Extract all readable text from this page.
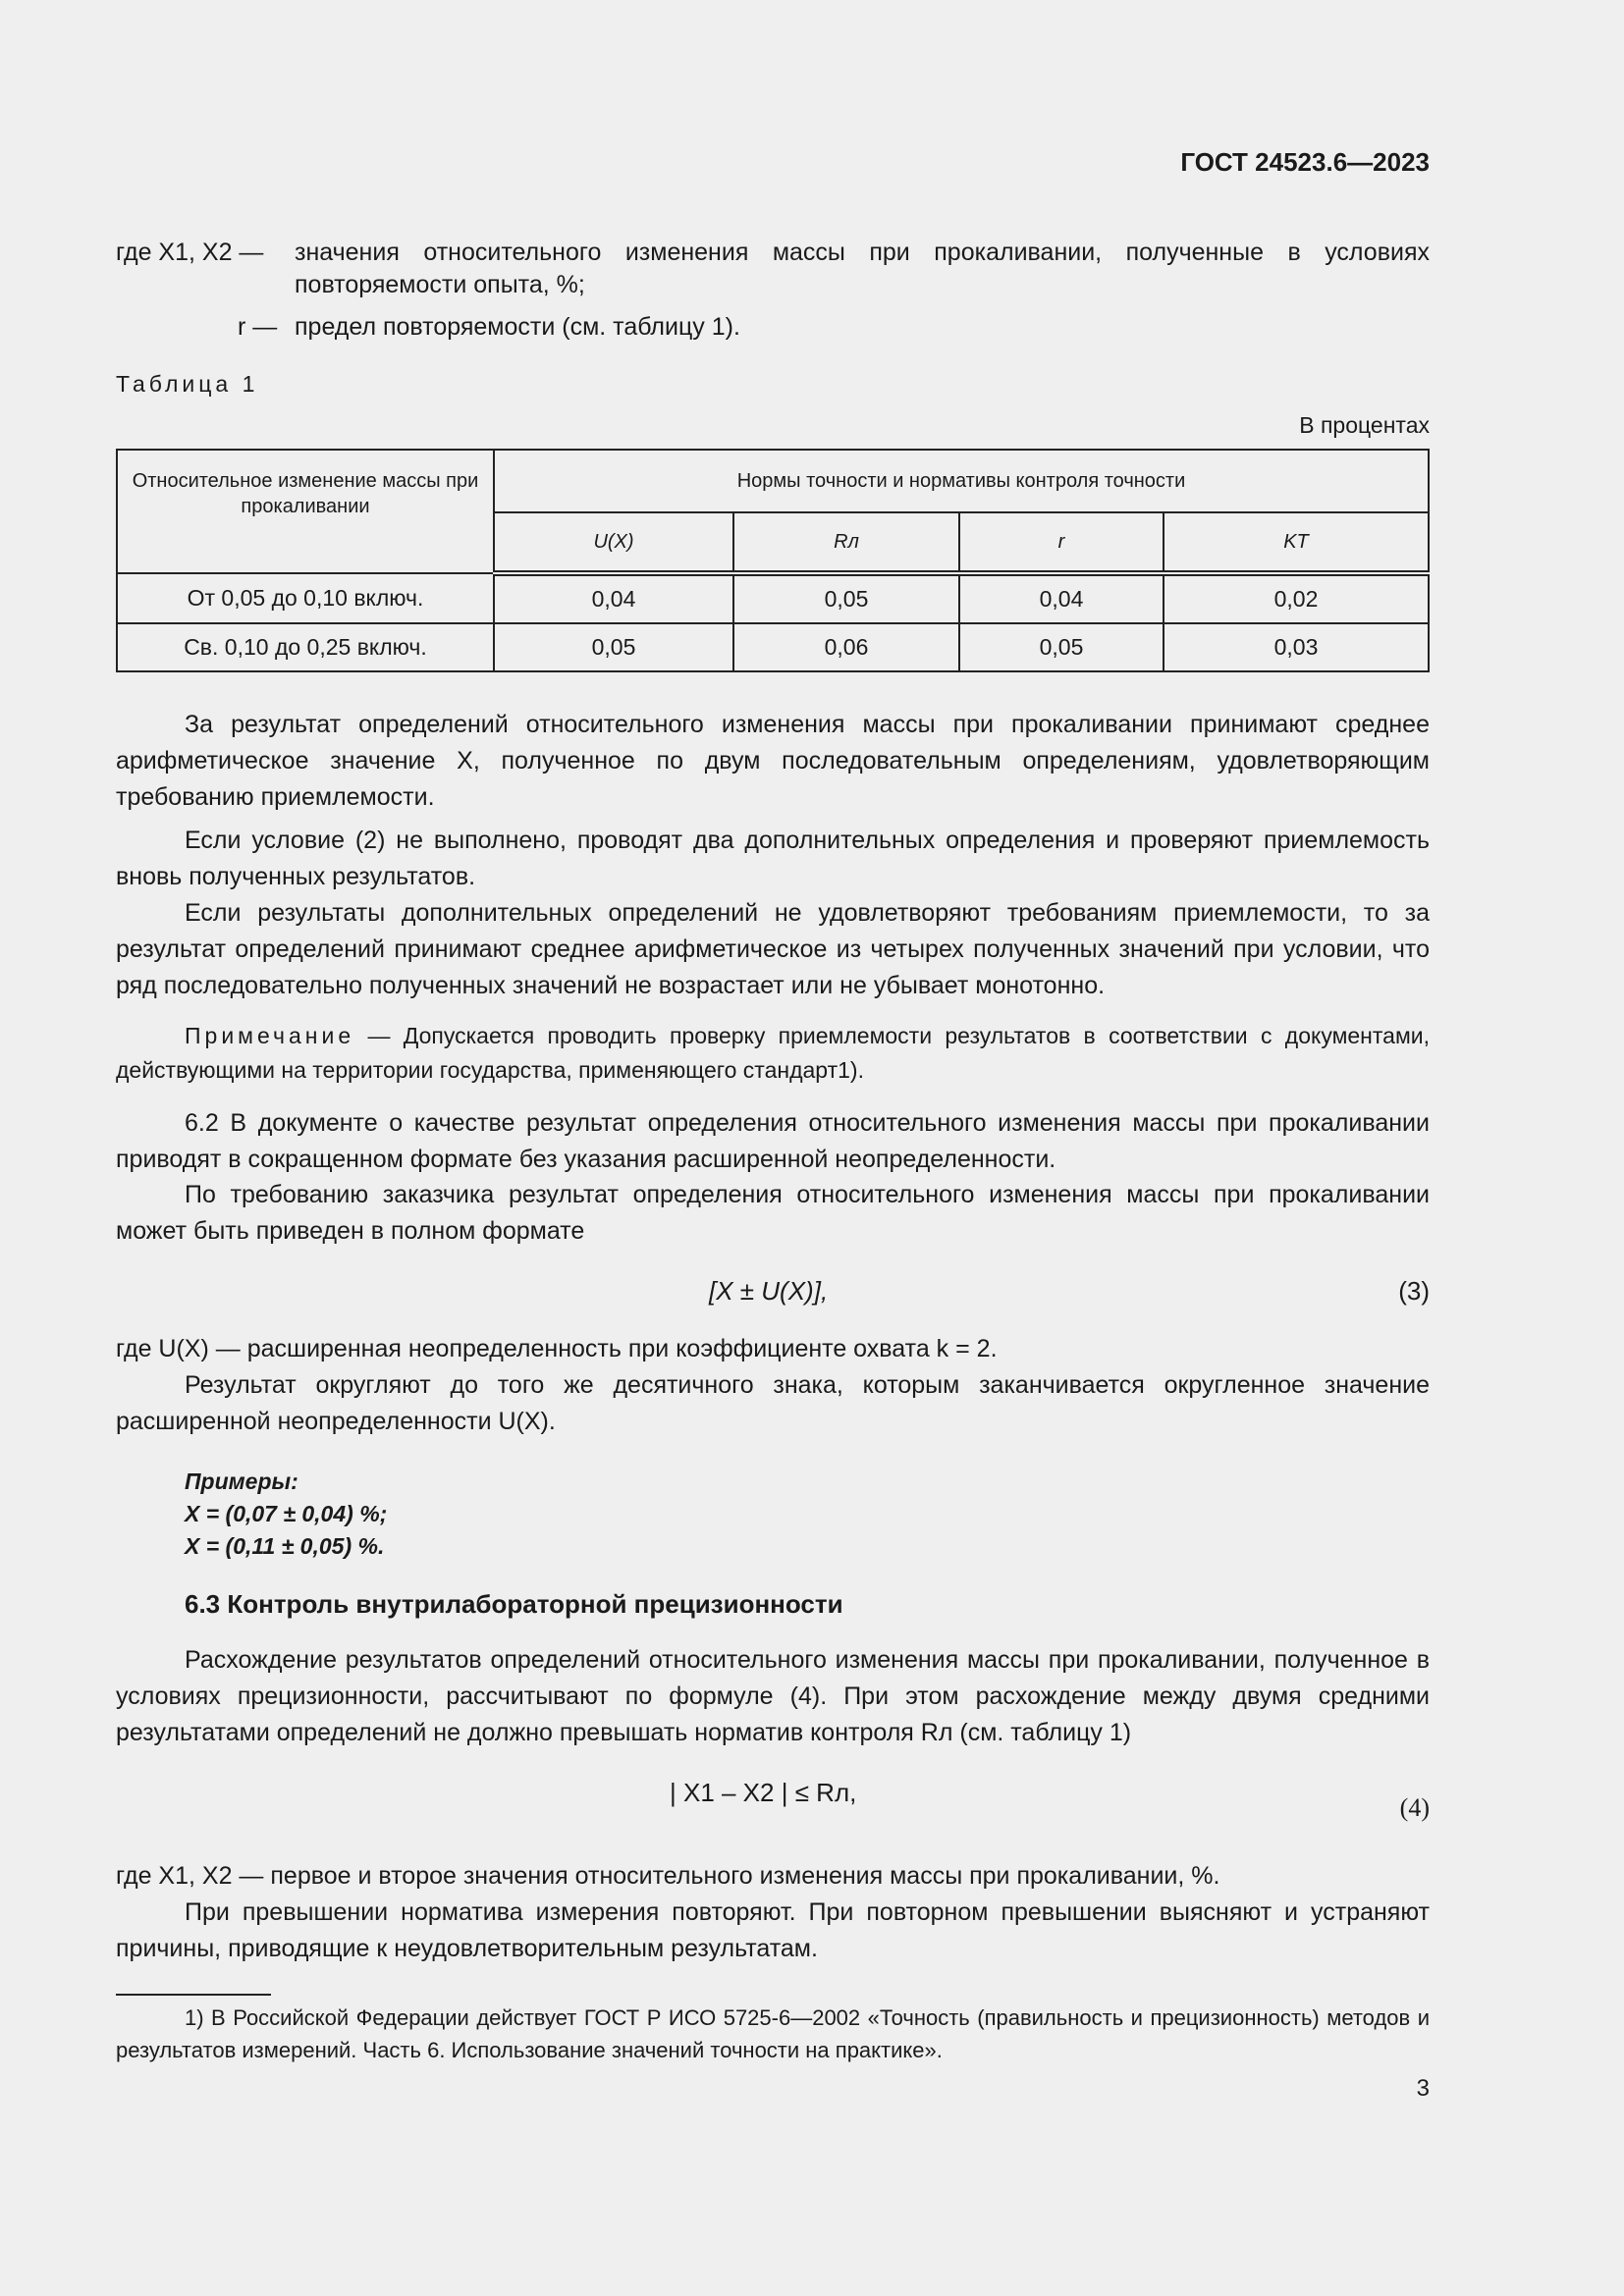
ГОСТ 24523.6—2023
где X1, X2 —	значения относительного изменения массы при прокаливании, полученные в условиях повторяемости опыта, %;
r — предел повторяемости (см. таблицу 1).
Таблица 1
В процентах
Относительное изменение массы при прокаливании	Нормы точности и нормативы контроля точности			
	U(X)	Rл	r	KТ
От 0,05 до 0,10 включ.	0,04	0,05	0,04	0,02
Св. 0,10 до 0,25 включ.	0,05	0,06	0,05	0,03
За результат определений относительного изменения массы при прокаливании принимают среднее арифметическое значение X, полученное по двум последовательным определениям, удовлетворяющим требованию приемлемости.
Если условие (2) не выполнено, проводят два дополнительных определения и проверяют приемлемость вновь полученных результатов.
Если результаты дополнительных определений не удовлетворяют требованиям приемлемости, то за результат определений принимают среднее арифметическое из четырех полученных значений при условии, что ряд последовательно полученных значений не возрастает или не убывает монотонно.
Примечание — Допускается проводить проверку приемлемости результатов в соответствии с документами, действующими на территории государства, применяющего стандарт1).
6.2 В документе о качестве результат определения относительного изменения массы при прокаливании приводят в сокращенном формате без указания расширенной неопределенности.
По требованию заказчика результат определения относительного изменения массы при прокаливании может быть приведен в полном формате
[X ± U(X)],	(3)
где U(X) — расширенная неопределенность при коэффициенте охвата k = 2.
Результат округляют до того же десятичного знака, которым заканчивается округленное значение расширенной неопределенности U(X).
Примеры:
X = (0,07 ± 0,04) %;
X = (0,11 ± 0,05) %.
6.3 Контроль внутрилабораторной прецизионности
Расхождение результатов определений относительного изменения массы при прокаливании, полученное в условиях прецизионности, рассчитывают по формуле (4). При этом расхождение между двумя средними результатами определений не должно превышать норматив контроля Rл (см. таблицу 1)
| X1 – X2 | ≤ Rл,
(4)
где X1, X2 — первое и вторoе значения относительного изменения массы при прокаливании, %.
При превышении норматива измерения повторяют. При повторном превышении выясняют и устраняют причины, приводящие к неудовлетворительным результатам.
1) В Российской Федерации действует ГОСТ Р ИСО 5725-6—2002 «Точность (правильность и прецизионность) методов и результатов измерений. Часть 6. Использование значений точности на практике».
3
